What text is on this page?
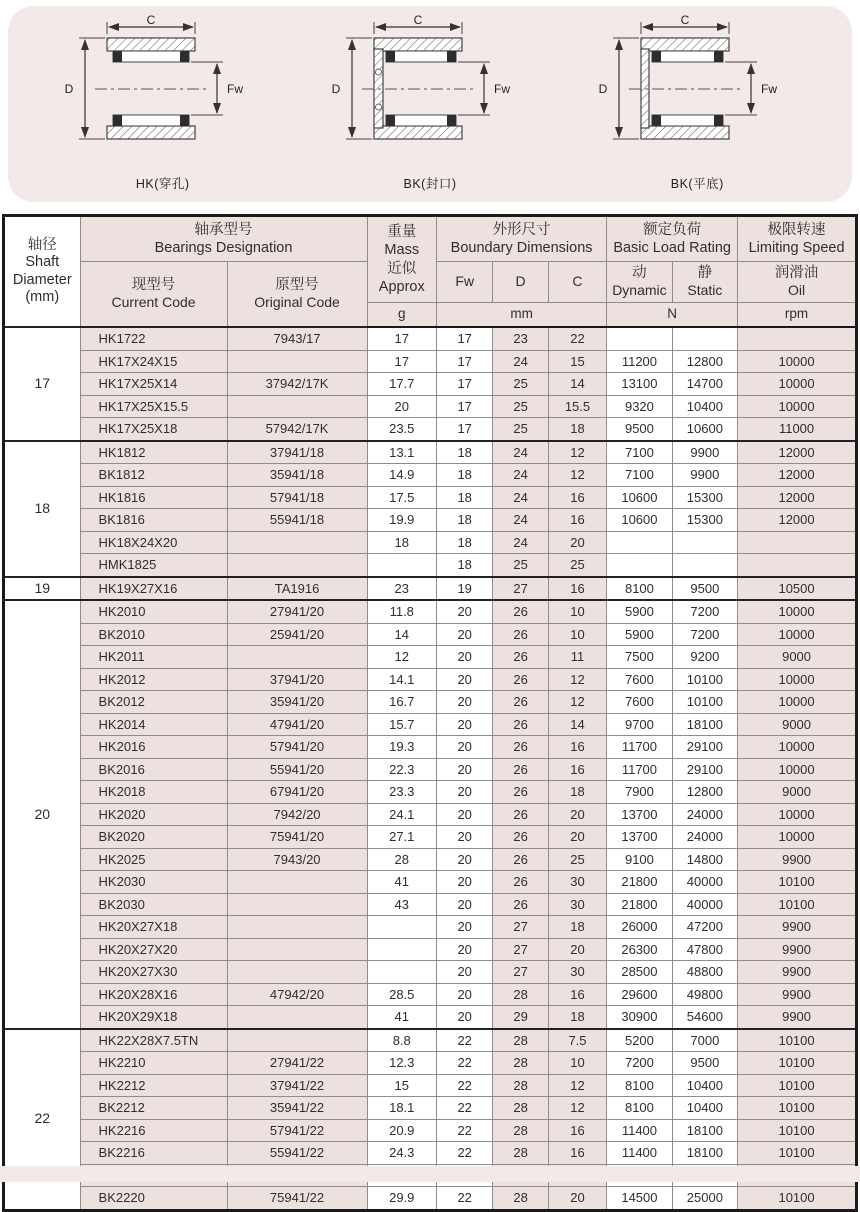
C
D	Fw
HK(穿孔)
C
D	Fw
BK(封口)
C
D	Fw
BK(平底)
轴径
Shaft
Diameter
(mm)

轴承型号
Bearings Designation

重量
Mass
近似
Approx

外形尺寸
Boundary Dimensions

额定负荷
Basic Load Rating

极限转速
Limiting Speed

现型号
Current Code

原型号
Original Code
	Fw	D	C	
动
Dynamic

静
Static

润滑油
Oil

			g	mm			N		rpm
17	HK1722	7943/17	17	17	23	22			
	HK17X24X15		17	17	24	15	11200	12800	10000
	HK17X25X14	37942/17K	17.7	17	25	14	13100	14700	10000
	HK17X25X15.5		20	17	25	15.5	9320	10400	10000
	HK17X25X18	57942/17K	23.5	17	25	18	9500	10600	11000
18	HK1812	37941/18	13.1	18	24	12	7100	9900	12000
	BK1812	35941/18	14.9	18	24	12	7100	9900	12000
	HK1816	57941/18	17.5	18	24	16	10600	15300	12000
	BK1816	55941/18	19.9	18	24	16	10600	15300	12000
	HK18X24X20		18	18	24	20			
	HMK1825			18	25	25			
19	HK19X27X16	TA1916	23	19	27	16	8100	9500	10500
20	HK2010	27941/20	11.8	20	26	10	5900	7200	10000
	BK2010	25941/20	14	20	26	10	5900	7200	10000
	HK2011		12	20	26	11	7500	9200	9000
	HK2012	37941/20	14.1	20	26	12	7600	10100	10000
	BK2012	35941/20	16.7	20	26	12	7600	10100	10000
	HK2014	47941/20	15.7	20	26	14	9700	18100	9000
	HK2016	57941/20	19.3	20	26	16	11700	29100	10000
	BK2016	55941/20	22.3	20	26	16	11700	29100	10000
	HK2018	67941/20	23.3	20	26	18	7900	12800	9000
	HK2020	7942/20	24.1	20	26	20	13700	24000	10000
	BK2020	75941/20	27.1	20	26	20	13700	24000	10000
	HK2025	7943/20	28	20	26	25	9100	14800	9900
	HK2030		41	20	26	30	21800	40000	10100
	BK2030		43	20	26	30	21800	40000	10100
	HK20X27X18			20	27	18	26000	47200	9900
	HK20X27X20			20	27	20	26300	47800	9900
	HK20X27X30			20	27	30	28500	48800	9900
	HK20X28X16	47942/20	28.5	20	28	16	29600	49800	9900
	HK20X29X18		41	20	29	18	30900	54600	9900
22	HK22X28X7.5TN		8.8	22	28	7.5	5200	7000	10100
	HK2210	27941/22	12.3	22	28	10	7200	9500	10100
	HK2212	37941/22	15	22	28	12	8100	10400	10100
	BK2212	35941/22	18.1	22	28	12	8100	10400	10100
	HK2216	57941/22	20.9	22	28	16	11400	18100	10100
	BK2216	55941/22	24.3	22	28	16	11400	18100	10100

	BK2220	75941/22	29.9	22	28	20	14500	25000	10100
